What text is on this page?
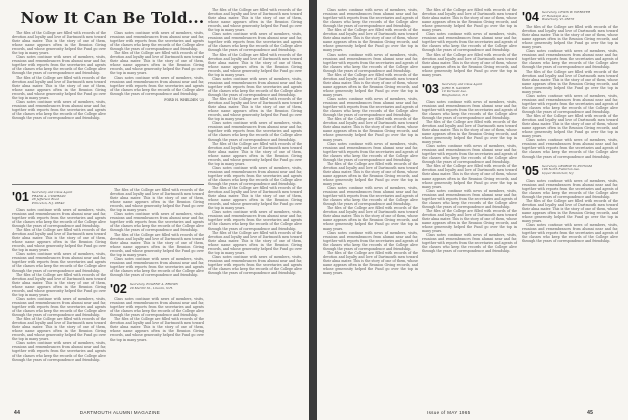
Now It Can Be Told...

The files of the College are filled with records of the devotion and loyalty and love of Dartmouth men toward their alma mater. This is the story of one of them, whose name appears often in the Reunion Giving records, and whose generosity helped the Fund go over the top in many years.

Class notes continue with news of members, visits, reunions and remembrances from alumni near and far, together with reports from the secretaries and agents of the classes who keep the records of the College alive through the years of correspondence and friendship.

The files of the College are filled with records of the devotion and loyalty and love of Dartmouth men toward their alma mater. This is the story of one of them, whose name appears often in the Reunion Giving records, and whose generosity helped the Fund go over the top in many years.

Class notes continue with news of members, visits, reunions and remembrances from alumni near and far, together with reports from the secretaries and agents of the classes who keep the records of the College alive through the years of correspondence and friendship.

Class notes continue with news of members, visits, reunions and remembrances from alumni near and far, together with reports from the secretaries and agents of the classes who keep the records of the College alive through the years of correspondence and friendship.

The files of the College are filled with records of the devotion and loyalty and love of Dartmouth men toward their alma mater. This is the story of one of them, whose name appears often in the Reunion Giving records, and whose generosity helped the Fund go over the top in many years.

Class notes continue with news of members, visits, reunions and remembrances from alumni near and far, together with reports from the secretaries and agents of the classes who keep the records of the College alive through the years of correspondence and friendship.

FORD H. WHELDEN '25

The files of the College are filled with records of the devotion and loyalty and love of Dartmouth men toward their alma mater. This is the story of one of them, whose name appears often in the Reunion Giving records, and whose generosity helped the Fund go over the top in many years.

Class notes continue with news of members, visits, reunions and remembrances from alumni near and far, together with reports from the secretaries and agents of the classes who keep the records of the College alive through the years of correspondence and friendship.

The files of the College are filled with records of the devotion and loyalty and love of Dartmouth men toward their alma mater. This is the story of one of them, whose name appears often in the Reunion Giving records, and whose generosity helped the Fund go over the top in many years.

Class notes continue with news of members, visits, reunions and remembrances from alumni near and far, together with reports from the secretaries and agents of the classes who keep the records of the College alive through the years of correspondence and friendship.

The files of the College are filled with records of the devotion and loyalty and love of Dartmouth men toward their alma mater. This is the story of one of them, whose name appears often in the Reunion Giving records, and whose generosity helped the Fund go over the top in many years.

Class notes continue with news of members, visits, reunions and remembrances from alumni near and far, together with reports from the secretaries and agents of the classes who keep the records of the College alive through the years of correspondence and friendship.

The files of the College are filled with records of the devotion and loyalty and love of Dartmouth men toward their alma mater. This is the story of one of them, whose name appears often in the Reunion Giving records, and whose generosity helped the Fund go over the top in many years.

Class notes continue with news of members, visits, reunions and remembrances from alumni near and far, together with reports from the secretaries and agents of the classes who keep the records of the College alive through the years of correspondence and friendship.

The files of the College are filled with records of the devotion and loyalty and love of Dartmouth men toward their alma mater. This is the story of one of them, whose name appears often in the Reunion Giving records, and whose generosity helped the Fund go over the top in many years.

Class notes continue with news of members, visits, reunions and remembrances from alumni near and far, together with reports from the secretaries and agents of the classes who keep the records of the College alive through the years of correspondence and friendship.

The files of the College are filled with records of the devotion and loyalty and love of Dartmouth men toward their alma mater. This is the story of one of them, whose name appears often in the Reunion Giving records, and whose generosity helped the Fund go over the top in many years.

Class notes continue with news of members, visits, reunions and remembrances from alumni near and far, together with reports from the secretaries and agents of the classes who keep the records of the College alive through the years of correspondence and friendship.

'01 Secretary and Class Agent
FRANK A. CUSHMAN
28 Jefferson Road
Princeton, N.J. 08540

Class notes continue with news of members, visits, reunions and remembrances from alumni near and far, together with reports from the secretaries and agents of the classes who keep the records of the College alive through the years of correspondence and friendship.

The files of the College are filled with records of the devotion and loyalty and love of Dartmouth men toward their alma mater. This is the story of one of them, whose name appears often in the Reunion Giving records, and whose generosity helped the Fund go over the top in many years.

Class notes continue with news of members, visits, reunions and remembrances from alumni near and far, together with reports from the secretaries and agents of the classes who keep the records of the College alive through the years of correspondence and friendship.

The files of the College are filled with records of the devotion and loyalty and love of Dartmouth men toward their alma mater. This is the story of one of them, whose name appears often in the Reunion Giving records, and whose generosity helped the Fund go over the top in many years.

Class notes continue with news of members, visits, reunions and remembrances from alumni near and far, together with reports from the secretaries and agents of the classes who keep the records of the College alive through the years of correspondence and friendship.

The files of the College are filled with records of the devotion and loyalty and love of Dartmouth men toward their alma mater. This is the story of one of them, whose name appears often in the Reunion Giving records, and whose generosity helped the Fund go over the top in many years.

Class notes continue with news of members, visits, reunions and remembrances from alumni near and far, together with reports from the secretaries and agents of the classes who keep the records of the College alive through the years of correspondence and friendship.

The files of the College are filled with records of the devotion and loyalty and love of Dartmouth men toward their alma mater. This is the story of one of them, whose name appears often in the Reunion Giving records, and whose generosity helped the Fund go over the top in many years.

Class notes continue with news of members, visits, reunions and remembrances from alumni near and far, together with reports from the secretaries and agents of the classes who keep the records of the College alive through the years of correspondence and friendship.

The files of the College are filled with records of the devotion and loyalty and love of Dartmouth men toward their alma mater. This is the story of one of them, whose name appears often in the Reunion Giving records, and whose generosity helped the Fund go over the top in many years.

Class notes continue with news of members, visits, reunions and remembrances from alumni near and far, together with reports from the secretaries and agents of the classes who keep the records of the College alive through the years of correspondence and friendship.

'02 Secretary, EUGENE A. BROWN
29 Merritt St., Lincoln, N.H.

Class notes continue with news of members, visits, reunions and remembrances from alumni near and far, together with reports from the secretaries and agents of the classes who keep the records of the College alive through the years of correspondence and friendship.

The files of the College are filled with records of the devotion and loyalty and love of Dartmouth men toward their alma mater. This is the story of one of them, whose name appears often in the Reunion Giving records, and whose generosity helped the Fund go over the top in many years.

44	DARTMOUTH ALUMNI MAGAZINE

Class notes continue with news of members, visits, reunions and remembrances from alumni near and far, together with reports from the secretaries and agents of the classes who keep the records of the College alive through the years of correspondence and friendship.

The files of the College are filled with records of the devotion and loyalty and love of Dartmouth men toward their alma mater. This is the story of one of them, whose name appears often in the Reunion Giving records, and whose generosity helped the Fund go over the top in many years.

Class notes continue with news of members, visits, reunions and remembrances from alumni near and far, together with reports from the secretaries and agents of the classes who keep the records of the College alive through the years of correspondence and friendship.

The files of the College are filled with records of the devotion and loyalty and love of Dartmouth men toward their alma mater. This is the story of one of them, whose name appears often in the Reunion Giving records, and whose generosity helped the Fund go over the top in many years.

Class notes continue with news of members, visits, reunions and remembrances from alumni near and far, together with reports from the secretaries and agents of the classes who keep the records of the College alive through the years of correspondence and friendship.

The files of the College are filled with records of the devotion and loyalty and love of Dartmouth men toward their alma mater. This is the story of one of them, whose name appears often in the Reunion Giving records, and whose generosity helped the Fund go over the top in many years.

Class notes continue with news of members, visits, reunions and remembrances from alumni near and far, together with reports from the secretaries and agents of the classes who keep the records of the College alive through the years of correspondence and friendship.

The files of the College are filled with records of the devotion and loyalty and love of Dartmouth men toward their alma mater. This is the story of one of them, whose name appears often in the Reunion Giving records, and whose generosity helped the Fund go over the top in many years.

Class notes continue with news of members, visits, reunions and remembrances from alumni near and far, together with reports from the secretaries and agents of the classes who keep the records of the College alive through the years of correspondence and friendship.

The files of the College are filled with records of the devotion and loyalty and love of Dartmouth men toward their alma mater. This is the story of one of them, whose name appears often in the Reunion Giving records, and whose generosity helped the Fund go over the top in many years.

Class notes continue with news of members, visits, reunions and remembrances from alumni near and far, together with reports from the secretaries and agents of the classes who keep the records of the College alive through the years of correspondence and friendship.

The files of the College are filled with records of the devotion and loyalty and love of Dartmouth men toward their alma mater. This is the story of one of them, whose name appears often in the Reunion Giving records, and whose generosity helped the Fund go over the top in many years.

The files of the College are filled with records of the devotion and loyalty and love of Dartmouth men toward their alma mater. This is the story of one of them, whose name appears often in the Reunion Giving records, and whose generosity helped the Fund go over the top in many years.

Class notes continue with news of members, visits, reunions and remembrances from alumni near and far, together with reports from the secretaries and agents of the classes who keep the records of the College alive through the years of correspondence and friendship.

The files of the College are filled with records of the devotion and loyalty and love of Dartmouth men toward their alma mater. This is the story of one of them, whose name appears often in the Reunion Giving records, and whose generosity helped the Fund go over the top in many years.

'03 Secretary and Class Agent
JOHN R. SANDER
10 Vermont Ave.
Binghamton, N.Y.

Class notes continue with news of members, visits, reunions and remembrances from alumni near and far, together with reports from the secretaries and agents of the classes who keep the records of the College alive through the years of correspondence and friendship.

The files of the College are filled with records of the devotion and loyalty and love of Dartmouth men toward their alma mater. This is the story of one of them, whose name appears often in the Reunion Giving records, and whose generosity helped the Fund go over the top in many years.

Class notes continue with news of members, visits, reunions and remembrances from alumni near and far, together with reports from the secretaries and agents of the classes who keep the records of the College alive through the years of correspondence and friendship.

The files of the College are filled with records of the devotion and loyalty and love of Dartmouth men toward their alma mater. This is the story of one of them, whose name appears often in the Reunion Giving records, and whose generosity helped the Fund go over the top in many years.

Class notes continue with news of members, visits, reunions and remembrances from alumni near and far, together with reports from the secretaries and agents of the classes who keep the records of the College alive through the years of correspondence and friendship.

The files of the College are filled with records of the devotion and loyalty and love of Dartmouth men toward their alma mater. This is the story of one of them, whose name appears often in the Reunion Giving records, and whose generosity helped the Fund go over the top in many years.

Class notes continue with news of members, visits, reunions and remembrances from alumni near and far, together with reports from the secretaries and agents of the classes who keep the records of the College alive through the years of correspondence and friendship.

'04 Secretary, LEWIS W. WEBSTER
27 Randolph Ave.
Waterbury, Vt. 05676

The files of the College are filled with records of the devotion and loyalty and love of Dartmouth men toward their alma mater. This is the story of one of them, whose name appears often in the Reunion Giving records, and whose generosity helped the Fund go over the top in many years.

Class notes continue with news of members, visits, reunions and remembrances from alumni near and far, together with reports from the secretaries and agents of the classes who keep the records of the College alive through the years of correspondence and friendship.

The files of the College are filled with records of the devotion and loyalty and love of Dartmouth men toward their alma mater. This is the story of one of them, whose name appears often in the Reunion Giving records, and whose generosity helped the Fund go over the top in many years.

Class notes continue with news of members, visits, reunions and remembrances from alumni near and far, together with reports from the secretaries and agents of the classes who keep the records of the College alive through the years of correspondence and friendship.

The files of the College are filled with records of the devotion and loyalty and love of Dartmouth men toward their alma mater. This is the story of one of them, whose name appears often in the Reunion Giving records, and whose generosity helped the Fund go over the top in many years.

Class notes continue with news of members, visits, reunions and remembrances from alumni near and far, together with reports from the secretaries and agents of the classes who keep the records of the College alive through the years of correspondence and friendship.

'05 Secretary, GEORGE W. PUTNAM
196 North Fullerton Ave.
Upper Montclair, N.J.

Class notes continue with news of members, visits, reunions and remembrances from alumni near and far, together with reports from the secretaries and agents of the classes who keep the records of the College alive through the years of correspondence and friendship.

The files of the College are filled with records of the devotion and loyalty and love of Dartmouth men toward their alma mater. This is the story of one of them, whose name appears often in the Reunion Giving records, and whose generosity helped the Fund go over the top in many years.

Class notes continue with news of members, visits, reunions and remembrances from alumni near and far, together with reports from the secretaries and agents of the classes who keep the records of the College alive through the years of correspondence and friendship.

Issue of MAY 1965	45
